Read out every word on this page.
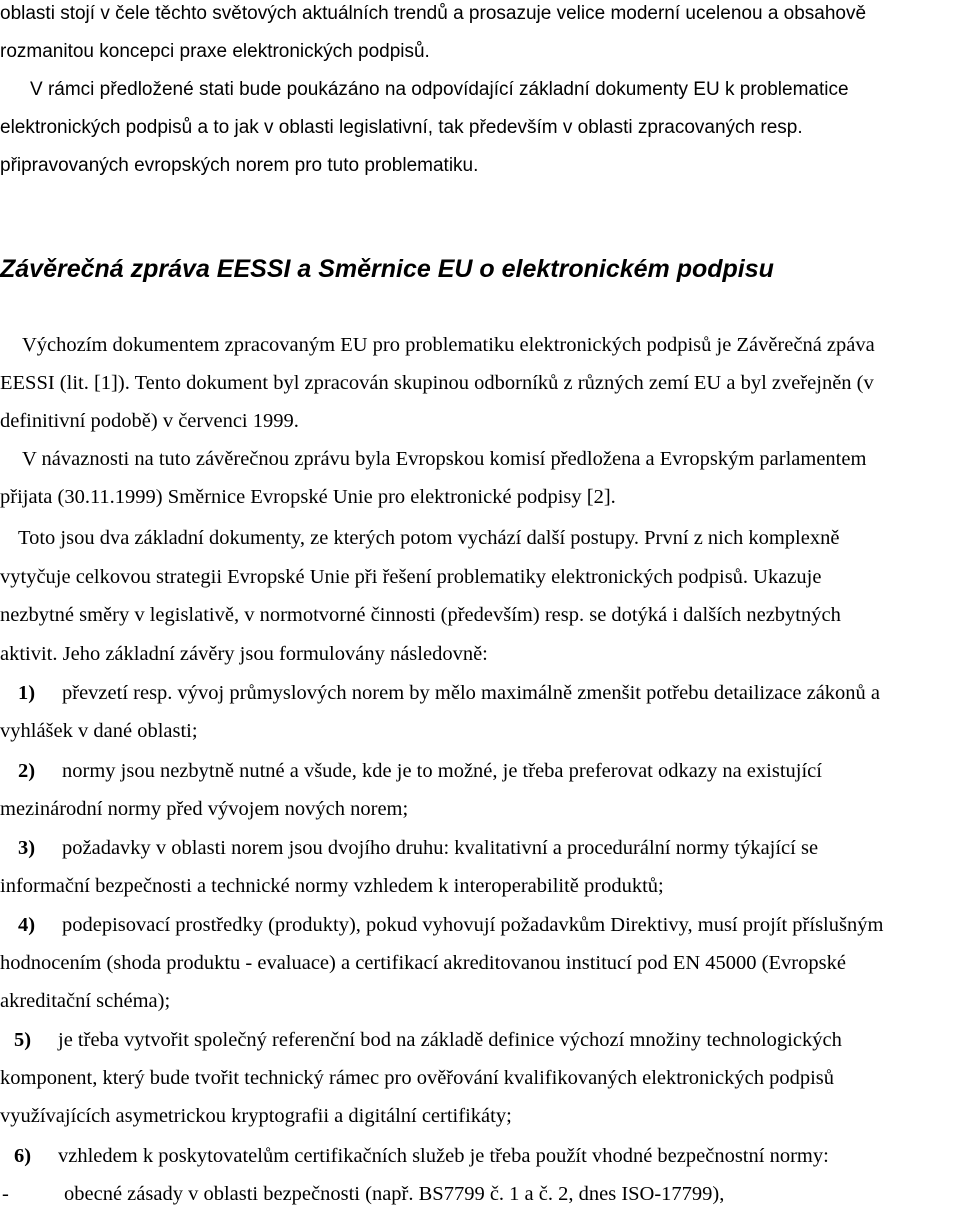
oblasti stojí v čele těchto světových aktuálních trendů a prosazuje velice moderní ucelenou a obsahově
rozmanitou koncepci praxe elektronických podpisů.
V rámci předložené stati bude poukázáno na odpovídající základní dokumenty EU k problematice
elektronických podpisů a to jak v oblasti legislativní, tak především v oblasti zpracovaných resp.
připravovaných evropských norem pro tuto problematiku.
Závěrečná zpráva EESSI a Směrnice EU o elektronickém podpisu
Výchozím dokumentem zpracovaným EU pro problematiku elektronických podpisů je Závěrečná zpáva
EESSI (lit. [1]). Tento dokument byl zpracován skupinou odborníků z různých zemí EU a byl zveřejněn (v
definitivní podobě) v červenci 1999.
V návaznosti na tuto závěrečnou zprávu byla Evropskou komisí předložena a Evropským parlamentem
přijata (30.11.1999) Směrnice Evropské Unie pro elektronické podpisy [2].
Toto jsou dva základní dokumenty, ze kterých potom vychází další postupy. První z nich komplexně
vytyčuje celkovou strategii Evropské Unie při řešení problematiky elektronických podpisů. Ukazuje
nezbytné směry v legislativě, v normotvorné činnosti (především) resp. se dotýká i dalších nezbytných
aktivit. Jeho základní závěry jsou formulovány následovně:
1) převzetí resp. vývoj průmyslových norem by mělo maximálně zmenšit potřebu detailizace zákonů a
vyhlášek v dané oblasti;
2) normy jsou nezbytně nutné a všude, kde je to možné, je třeba preferovat odkazy na existující
mezinárodní normy před vývojem nových norem;
3) požadavky v oblasti norem jsou dvojího druhu: kvalitativní a procedurální normy týkající se
informační bezpečnosti a technické normy vzhledem k interoperabilitě produktů;
4) podepisovací prostředky (produkty), pokud vyhovují požadavkům Direktivy, musí projít příslušným
hodnocením (shoda produktu - evaluace) a certifikací akreditovanou institucí pod EN 45000 (Evropské
akreditační schéma);
5) je třeba vytvořit společný referenční bod na základě definice výchozí množiny technologických
komponent, který bude tvořit technický rámec pro ověřování kvalifikovaných elektronických podpisů
využívajících asymetrickou kryptografii a digitální certifikáty;
6) vzhledem k poskytovatelům certifikačních služeb je třeba použít vhodné bezpečnostní normy:
-	obecné zásady v oblasti bezpečnosti (např. BS7799 č. 1 a č. 2, dnes ISO-17799),
